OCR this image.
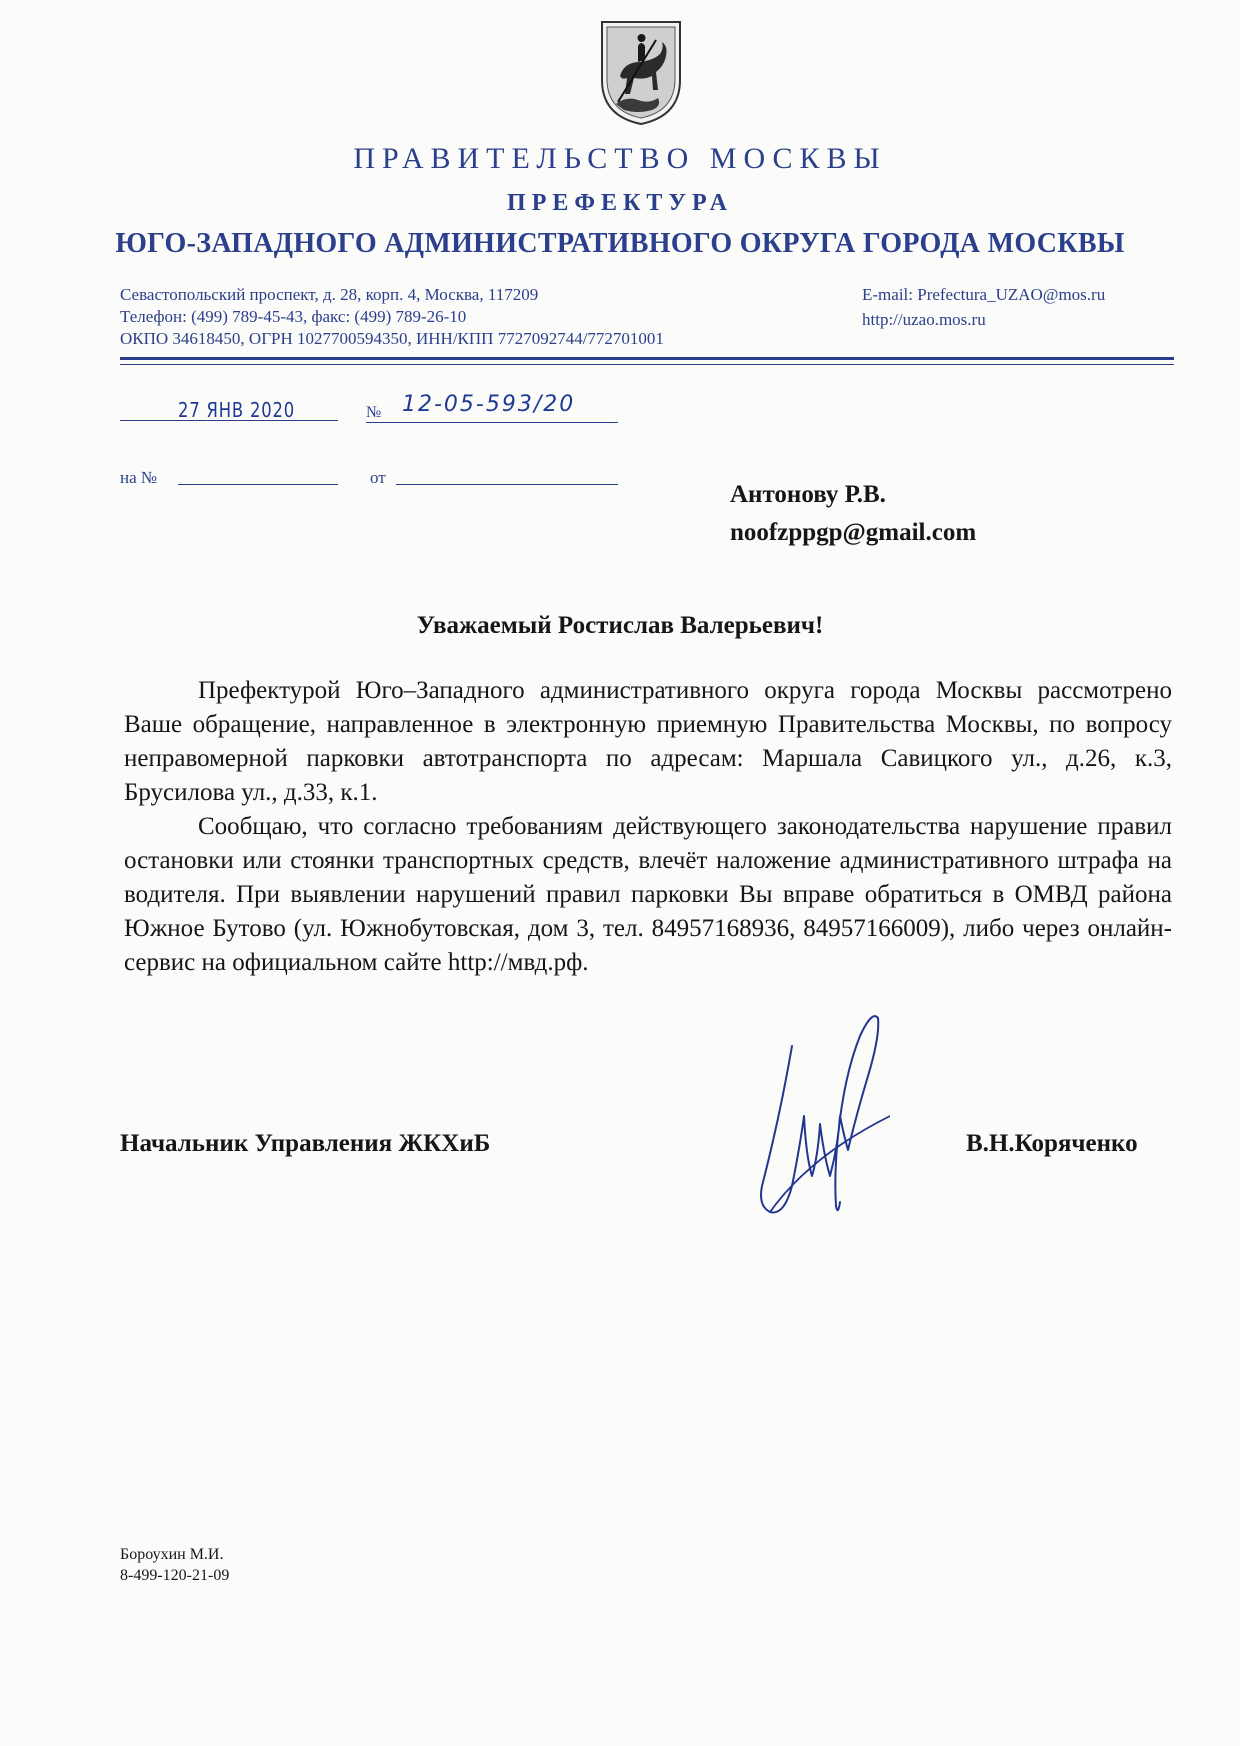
ПРАВИТЕЛЬСТВО МОСКВЫ
ПРЕФЕКТУРА
ЮГО-ЗАПАДНОГО АДМИНИСТРАТИВНОГО ОКРУГА ГОРОДА МОСКВЫ
Севастопольский проспект, д. 28, корп. 4, Москва, 117209
Телефон: (499) 789-45-43, факс: (499) 789-26-10
ОКПО 34618450, ОГРН 1027700594350, ИНН/КПП 7727092744/772701001
E-mail: Prefectura_UZAO@mos.ru
http://uzao.mos.ru
27 ЯНВ 2020	№ 12-05-593/20
на №	от
Антонову Р.В.
noofzppgp@gmail.com
Уважаемый Ростислав Валерьевич!

Префектурой Юго–Западного административного округа города Москвы рассмотрено Ваше обращение, направленное в электронную приемную Правительства Москвы, по вопросу неправомерной парковки автотранспорта по адресам: Маршала Савицкого ул., д.26, к.3, Брусилова ул., д.33, к.1.

Сообщаю, что согласно требованиям действующего законодательства нарушение правил остановки или стоянки транспортных средств, влечёт наложение административного штрафа на водителя. При выявлении нарушений правил парковки Вы вправе обратиться в ОМВД района Южное Бутово (ул. Южнобутовская, дом 3, тел. 84957168936, 84957166009), либо через онлайн-сервис на официальном сайте http://мвд.рф.

Начальник Управления ЖКХиБ	В.Н.Коряченко
Бороухин М.И.
8-499-120-21-09
